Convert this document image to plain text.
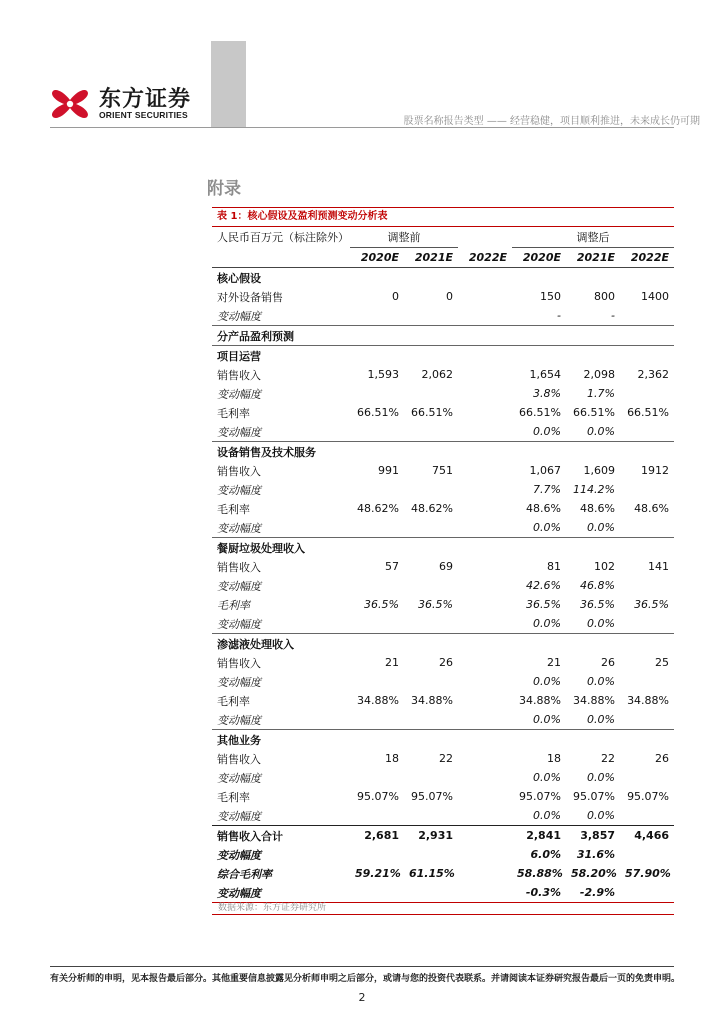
东方证券
ORIENT SECURITIES
股票名称报告类型 —— 经营稳健，项目顺利推进，未来成长仍可期
附录
表 1：核心假设及盈利预测变动分析表
人民币百万元（标注除外）	调整前			调整后		
	2020E	2021E	2022E	2020E	2021E	2022E
核心假设						
对外设备销售	0	0		150	800	1400
变动幅度				-	-	
分产品盈利预测						
项目运营						
销售收入	1,593	2,062		1,654	2,098	2,362
变动幅度				3.8%	1.7%	
毛利率	66.51%	66.51%		66.51%	66.51%	66.51%
变动幅度				0.0%	0.0%	
设备销售及技术服务						
销售收入	991	751		1,067	1,609	1912
变动幅度				7.7%	114.2%	
毛利率	48.62%	48.62%		48.6%	48.6%	48.6%
变动幅度				0.0%	0.0%	
餐厨垃圾处理收入						
销售收入	57	69		81	102	141
变动幅度				42.6%	46.8%	
毛利率	36.5%	36.5%		36.5%	36.5%	36.5%
变动幅度				0.0%	0.0%	
渗滤液处理收入						
销售收入	21	26		21	26	25
变动幅度				0.0%	0.0%	
毛利率	34.88%	34.88%		34.88%	34.88%	34.88%
变动幅度				0.0%	0.0%	
其他业务						
销售收入	18	22		18	22	26
变动幅度				0.0%	0.0%	
毛利率	95.07%	95.07%		95.07%	95.07%	95.07%
变动幅度				0.0%	0.0%	
销售收入合计	2,681	2,931		2,841	3,857	4,466
变动幅度				6.0%	31.6%	
综合毛利率	59.21%	61.15%		58.88%	58.20%	57.90%
变动幅度				-0.3%	-2.9%	
数据来源：东方证券研究所
有关分析师的申明，见本报告最后部分。其他重要信息披露见分析师申明之后部分，或请与您的投资代表联系。并请阅读本证券研究报告最后一页的免责申明。
2
